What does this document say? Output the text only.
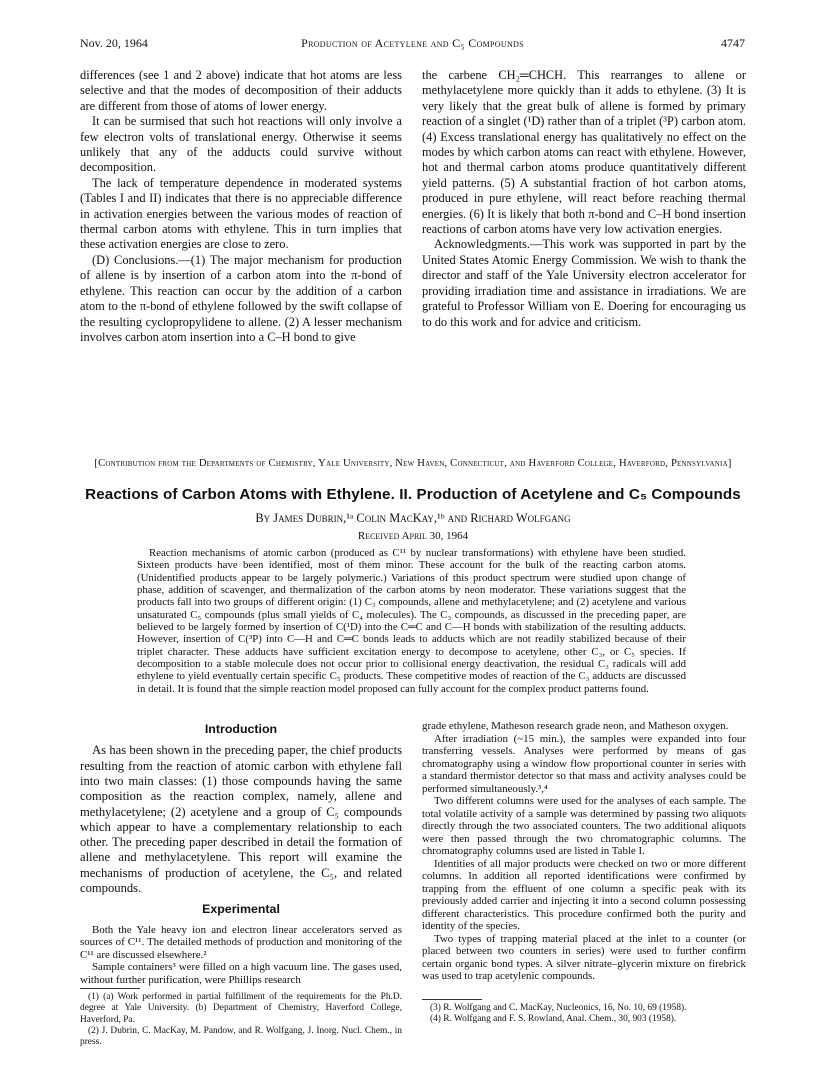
Nov. 20, 1964	Production of Acetylene and C₅ Compounds	4747

differences (see 1 and 2 above) indicate that hot atoms are less selective and that the modes of decomposition of their adducts are different from those of atoms of lower energy.

It can be surmised that such hot reactions will only involve a few electron volts of translational energy. Otherwise it seems unlikely that any of the adducts could survive without decomposition.

The lack of temperature dependence in moderated systems (Tables I and II) indicates that there is no appreciable difference in activation energies between the various modes of reaction of thermal carbon atoms with ethylene. This in turn implies that these activation energies are close to zero.

(D) Conclusions.—(1) The major mechanism for production of allene is by insertion of a carbon atom into the π-bond of ethylene. This reaction can occur by the addition of a carbon atom to the π-bond of ethylene followed by the swift collapse of the resulting cyclopropylidene to allene. (2) A lesser mechanism involves carbon atom insertion into a C–H bond to give

the carbene CH₂═CHCH. This rearranges to allene or methylacetylene more quickly than it adds to ethylene. (3) It is very likely that the great bulk of allene is formed by primary reaction of a singlet (¹D) rather than of a triplet (³P) carbon atom. (4) Excess translational energy has qualitatively no effect on the modes by which carbon atoms can react with ethylene. However, hot and thermal carbon atoms produce quantitatively different yield patterns. (5) A substantial fraction of hot carbon atoms, produced in pure ethylene, will react before reaching thermal energies. (6) It is likely that both π-bond and C–H bond insertion reactions of carbon atoms have very low activation energies.

Acknowledgments.—This work was supported in part by the United States Atomic Energy Commission. We wish to thank the director and staff of the Yale University electron accelerator for providing irradiation time and assistance in irradiations. We are grateful to Professor William von E. Doering for encouraging us to do this work and for advice and criticism.

[Contribution from the Departments of Chemistry, Yale University, New Haven, Connecticut, and Haverford College, Haverford, Pennsylvania]
Reactions of Carbon Atoms with Ethylene. II. Production of Acetylene and C₅ Compounds
By James Dubrin,¹ᵃ Colin MacKay,¹ᵇ and Richard Wolfgang
Received April 30, 1964

Reaction mechanisms of atomic carbon (produced as C¹¹ by nuclear transformations) with ethylene have been studied. Sixteen products have been identified, most of them minor. These account for the bulk of the reacting carbon atoms. (Unidentified products appear to be largely polymeric.) Variations of this product spectrum were studied upon change of phase, addition of scavenger, and thermalization of the carbon atoms by neon moderator. These variations suggest that the products fall into two groups of different origin: (1) C₃ compounds, allene and methylacetylene; and (2) acetylene and various unsaturated C₅ compounds (plus small yields of C₄ molecules). The C₃ compounds, as discussed in the preceding paper, are believed to be largely formed by insertion of C(¹D) into the C═C and C—H bonds with stabilization of the resulting adducts. However, insertion of C(³P) into C—H and C═C bonds leads to adducts which are not readily stabilized because of their triplet character. These adducts have sufficient excitation energy to decompose to acetylene, other C₃, or C₅ species. If decomposition to a stable molecule does not occur prior to collisional energy deactivation, the residual C₃ radicals will add ethylene to yield eventually certain specific C₅ products. These competitive modes of reaction of the C₃ adducts are discussed in detail. It is found that the simple reaction model proposed can fully account for the complex product patterns found.

Introduction

As has been shown in the preceding paper, the chief products resulting from the reaction of atomic carbon with ethylene fall into two main classes: (1) those compounds having the same composition as the reaction complex, namely, allene and methylacetylene; (2) acetylene and a group of C₅ compounds which appear to have a complementary relationship to each other. The preceding paper described in detail the formation of allene and methylacetylene. This report will examine the mechanisms of production of acetylene, the C₅, and related compounds.

Experimental

Both the Yale heavy ion and electron linear accelerators served as sources of C¹¹. The detailed methods of production and monitoring of the C¹¹ are discussed elsewhere.²

Sample containers³ were filled on a high vacuum line. The gases used, without further purification, were Phillips research

(1) (a) Work performed in partial fulfillment of the requirements for the Ph.D. degree at Yale University. (b) Department of Chemistry, Haverford College, Haverford, Pa.

(2) J. Dubrin, C. MacKay, M. Pandow, and R. Wolfgang, J. Inorg. Nucl. Chem., in press.

grade ethylene, Matheson research grade neon, and Matheson oxygen.

After irradiation (~15 min.), the samples were expanded into four transferring vessels. Analyses were performed by means of gas chromatography using a window flow proportional counter in series with a standard thermistor detector so that mass and activity analyses could be performed simultaneously.³,⁴

Two different columns were used for the analyses of each sample. The total volatile activity of a sample was determined by passing two aliquots directly through the two associated counters. The two additional aliquots were then passed through the two chromatographic columns. The chromatography columns used are listed in Table I.

Identities of all major products were checked on two or more different columns. In addition all reported identifications were confirmed by trapping from the effluent of one column a specific peak with its previously added carrier and injecting it into a second column possessing different characteristics. This procedure confirmed both the purity and identity of the species.

Two types of trapping material placed at the inlet to a counter (or placed between two counters in series) were used to further confirm certain organic bond types. A silver nitrate–glycerin mixture on firebrick was used to trap acetylenic compounds.

(3) R. Wolfgang and C. MacKay, Nucleonics, 16, No. 10, 69 (1958).

(4) R. Wolfgang and F. S. Rowland, Anal. Chem., 30, 903 (1958).
